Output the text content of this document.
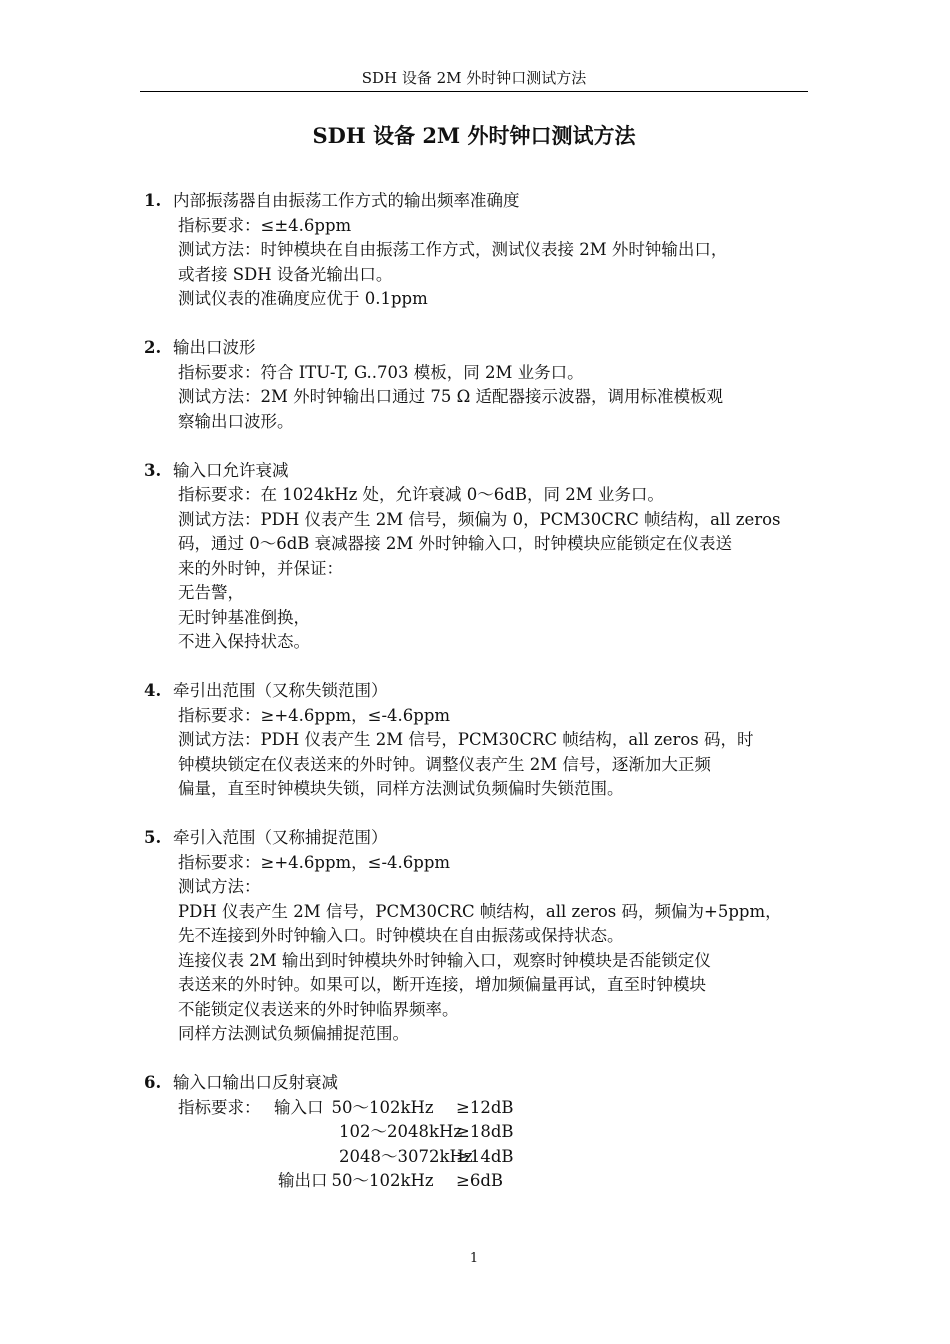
SDH 设备 2M 外时钟口测试方法
SDH 设备 2M 外时钟口测试方法
1. 内部振荡器自由振荡工作方式的输出频率准确度
指标要求：≤±4.6ppm
测试方法：时钟模块在自由振荡工作方式，测试仪表接 2M 外时钟输出口，
或者接 SDH 设备光输出口。
测试仪表的准确度应优于 0.1ppm
2. 输出口波形
指标要求：符合 ITU-T, G..703 模板，同 2M 业务口。
测试方法：2M 外时钟输出口通过 75 Ω 适配器接示波器，调用标准模板观
察输出口波形。
3. 输入口允许衰减
指标要求：在 1024kHz 处，允许衰减 0～6dB，同 2M 业务口。
测试方法：PDH 仪表产生 2M 信号，频偏为 0，PCM30CRC 帧结构，all zeros
码，通过 0～6dB 衰减器接 2M 外时钟输入口，时钟模块应能锁定在仪表送
来的外时钟，并保证：
无告警，
无时钟基准倒换，
不进入保持状态。
4. 牵引出范围（又称失锁范围）
指标要求：≥+4.6ppm，≤-4.6ppm
测试方法：PDH 仪表产生 2M 信号，PCM30CRC 帧结构，all zeros 码，时
钟模块锁定在仪表送来的外时钟。调整仪表产生 2M 信号，逐渐加大正频
偏量，直至时钟模块失锁，同样方法测试负频偏时失锁范围。
5. 牵引入范围（又称捕捉范围）
指标要求：≥+4.6ppm，≤-4.6ppm
测试方法：
PDH 仪表产生 2M 信号，PCM30CRC 帧结构，all zeros 码，频偏为+5ppm，
先不连接到外时钟输入口。时钟模块在自由振荡或保持状态。
连接仪表 2M 输出到时钟模块外时钟输入口，观察时钟模块是否能锁定仪
表送来的外时钟。如果可以，断开连接，增加频偏量再试，直至时钟模块
不能锁定仪表送来的外时钟临界频率。
同样方法测试负频偏捕捉范围。
6. 输入口输出口反射衰减
指标要求： 输入口 50～102kHz	≥12dB
102～2048kHz
≥18dB
2048～3072kHz
≥14dB
输出口 50～102kHz	≥6dB
1
